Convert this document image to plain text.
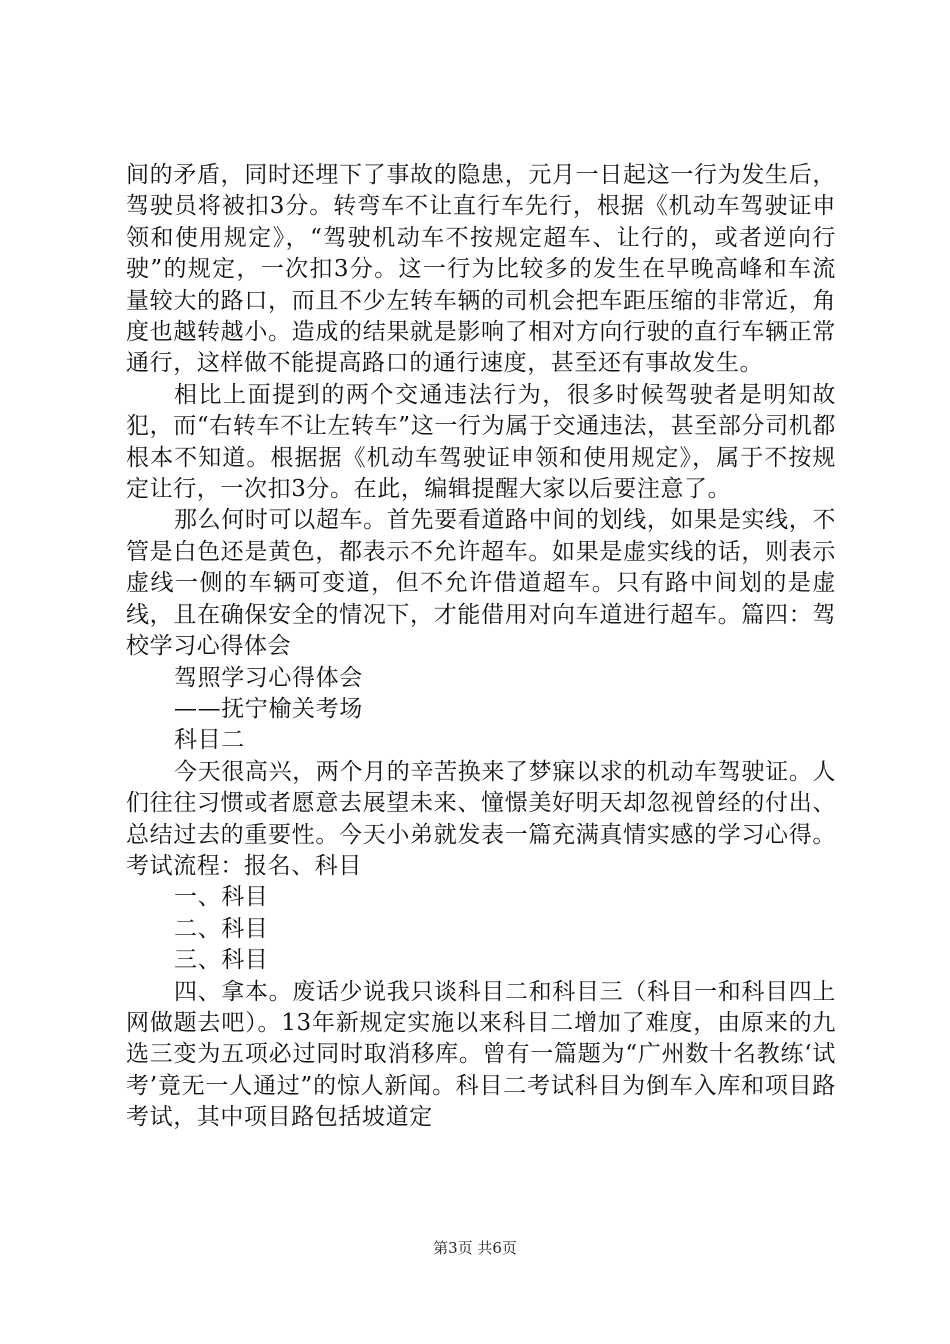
间的矛盾，同时还埋下了事故的隐患，元月一日起这一行为发生后，驾驶员将被扣3分。转弯车不让直行车先行，根据《机动车驾驶证申领和使用规定》，“驾驶机动车不按规定超车、让行的，或者逆向行驶”的规定，一次扣3分。这一行为比较多的发生在早晚高峰和车流量较大的路口，而且不少左转车辆的司机会把车距压缩的非常近，角度也越转越小。造成的结果就是影响了相对方向行驶的直行车辆正常通行，这样做不能提高路口的通行速度，甚至还有事故发生。

相比上面提到的两个交通违法行为，很多时候驾驶者是明知故犯，而“右转车不让左转车”这一行为属于交通违法，甚至部分司机都根本不知道。根据据《机动车驾驶证申领和使用规定》，属于不按规定让行，一次扣3分。在此，编辑提醒大家以后要注意了。

那么何时可以超车。首先要看道路中间的划线，如果是实线，不管是白色还是黄色，都表示不允许超车。如果是虚实线的话，则表示虚线一侧的车辆可变道，但不允许借道超车。只有路中间划的是虚线，且在确保安全的情况下，才能借用对向车道进行超车。篇四：驾校学习心得体会

驾照学习心得体会

——抚宁榆关考场

科目二

今天很高兴，两个月的辛苦换来了梦寐以求的机动车驾驶证。人们往往习惯或者愿意去展望未来、憧憬美好明天却忽视曾经的付出、总结过去的重要性。今天小弟就发表一篇充满真情实感的学习心得。考试流程：报名、科目

一、科目

二、科目

三、科目

四、拿本。废话少说我只谈科目二和科目三（科目一和科目四上网做题去吧）。13年新规定实施以来科目二增加了难度，由原来的九选三变为五项必过同时取消移库。曾有一篇题为“广州数十名教练‘试考’竟无一人通过”的惊人新闻。科目二考试科目为倒车入库和项目路考试，其中项目路包括坡道定

第3页 共6页
